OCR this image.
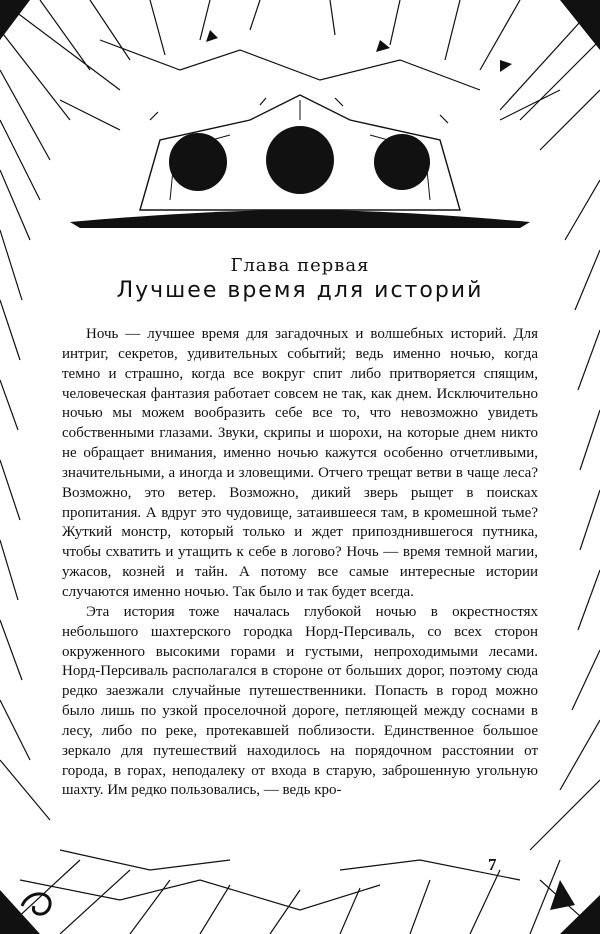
Глава первая
Лучшее время для историй

Ночь — лучшее время для загадочных и волшебных историй. Для интриг, секретов, удивительных событий; ведь именно ночью, когда темно и страшно, когда все вокруг спит либо притворяется спящим, человеческая фантазия работает совсем не так, как днем. Исключительно ночью мы можем вообразить себе все то, что невозможно увидеть собственными глазами. Звуки, скрипы и шорохи, на которые днем никто не обращает внимания, именно ночью кажутся особенно отчетливыми, значительными, а иногда и зловещими. Отчего трещат ветви в чаще леса? Возможно, это ветер. Возможно, дикий зверь рыщет в поисках пропитания. А вдруг это чудовище, затаившееся там, в кромешной тьме? Жуткий монстр, который только и ждет припозднившегося путника, чтобы схватить и утащить к себе в логово? Ночь — время темной магии, ужасов, козней и тайн. А потому все самые интересные истории случаются именно ночью. Так было и так будет всегда.

Эта история тоже началась глубокой ночью в окрестностях небольшого шахтерского городка Норд-Персиваль, со всех сторон окруженного высокими горами и густыми, непроходимыми лесами. Норд-Персиваль располагался в стороне от больших дорог, поэтому сюда редко заезжали случайные путешественники. Попасть в город можно было лишь по узкой проселочной дороге, петляющей между соснами в лесу, либо по реке, протекавшей поблизости. Единственное большое зеркало для путешествий находилось на порядочном расстоянии от города, в горах, неподалеку от входа в старую, заброшенную угольную шахту. Им редко пользовались, — ведь кро-

7
